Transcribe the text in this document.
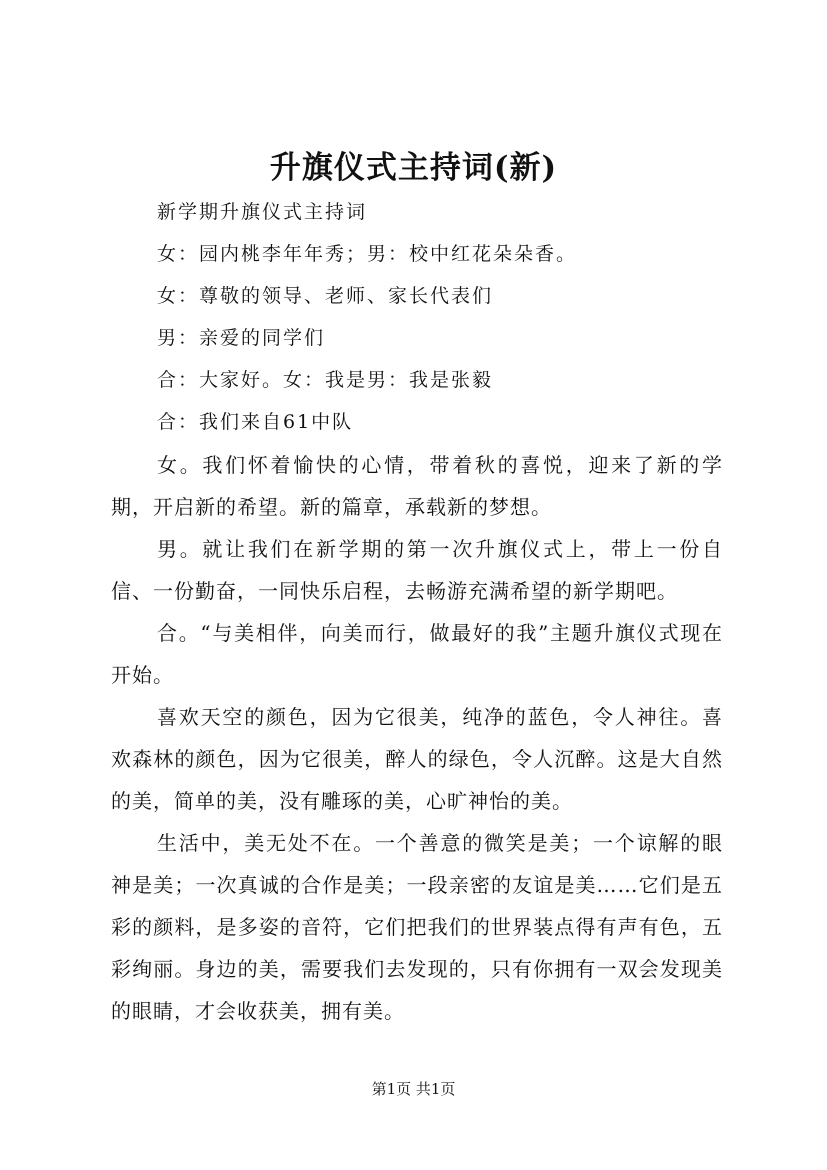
升旗仪式主持词(新)
新学期升旗仪式主持词
女：园内桃李年年秀；男：校中红花朵朵香。
女：尊敬的领导、老师、家长代表们
男：亲爱的同学们
合：大家好。女：我是男：我是张毅
合：我们来自61中队
女。我们怀着愉快的心情，带着秋的喜悦，迎来了新的学期，开启新的希望。新的篇章，承载新的梦想。
男。就让我们在新学期的第一次升旗仪式上，带上一份自信、一份勤奋，一同快乐启程，去畅游充满希望的新学期吧。
合。“与美相伴，向美而行，做最好的我”主题升旗仪式现在开始。
喜欢天空的颜色，因为它很美，纯净的蓝色，令人神往。喜欢森林的颜色，因为它很美，醉人的绿色，令人沉醉。这是大自然的美，简单的美，没有雕琢的美，心旷神怡的美。
生活中，美无处不在。一个善意的微笑是美；一个谅解的眼神是美；一次真诚的合作是美；一段亲密的友谊是美……它们是五彩的颜料，是多姿的音符，它们把我们的世界装点得有声有色，五彩绚丽。身边的美，需要我们去发现的，只有你拥有一双会发现美的眼睛，才会收获美，拥有美。
第1页 共1页
